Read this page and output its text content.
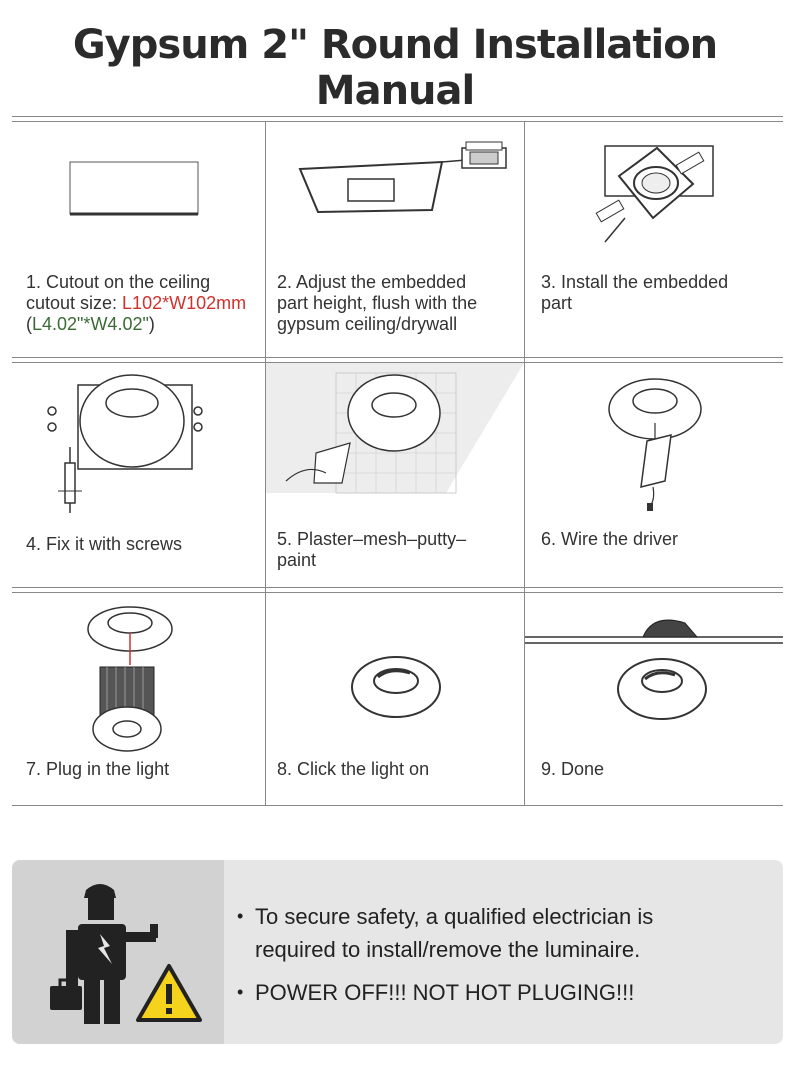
Gypsum 2" Round Installation Manual
1. Cutout on the ceiling
cutout size: L102*W102mm
(L4.02"*W4.02")
2. Adjust the embedded
part height, flush with the
gypsum ceiling/drywall
3. Install the embedded
part
4. Fix it with screws	5. Plaster–mesh–putty–
paint
6. Wire the driver
7. Plug in the light	8. Click the light on	9. Done
• To secure safety, a qualified electrician is
required to install/remove the luminaire.
• POWER OFF!!! NOT HOT PLUGING!!!
